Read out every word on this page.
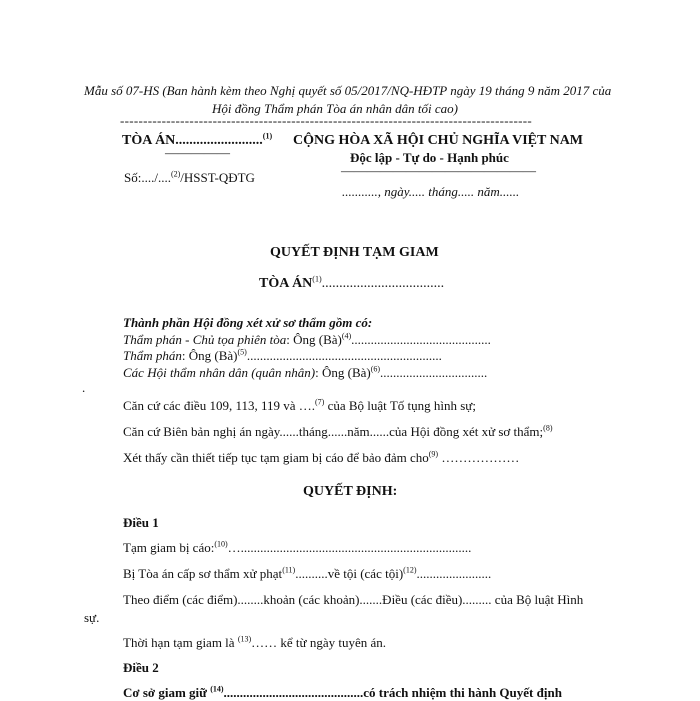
Mẫu số 07-HS (Ban hành kèm theo Nghị quyết số 05/2017/NQ-HĐTP ngày 19 tháng 9 năm 2017 của
Hội đồng Thẩm phán Tòa án nhân dân tối cao)
-----------------------------------------------------------------------------------------
TÒA ÁN.........................$^{(1)}$
—————
Số:..../....$^{(2)}$/HSST-QĐTG
CỘNG HÒA XÃ HỘI CHỦ NGHĨA VIỆT NAM
Độc lập - Tự do - Hạnh phúc
———————————————
..........., ngày..... tháng..... năm......
QUYẾT ĐỊNH TẠM GIAM
TÒA ÁN$^{(1)}$...................................
Thành phần Hội đồng xét xử sơ thẩm gồm có:
Thẩm phán - Chủ tọa phiên tòa: Ông (Bà)$^{(4)}$...........................................
Thẩm phán: Ông (Bà)$^{(5)}$............................................................
Các Hội thẩm nhân dân (quân nhân): Ông (Bà)$^{(6)}$.................................
.
Căn cứ các điều 109, 113, 119 và ….$^{(7)}$ của Bộ luật Tố tụng hình sự;
Căn cứ Biên bản nghị án ngày......tháng......năm......của Hội đồng xét xử sơ thẩm;$^{(8)}$
Xét thấy cần thiết tiếp tục tạm giam bị cáo để bảo đảm cho$^{(9)}$ ………………
QUYẾT ĐỊNH:
Điều 1
Tạm giam bị cáo:$^{(10)}$….......................................................................
Bị Tòa án cấp sơ thẩm xử phạt$^{(11)}$..........về tội (các tội)$^{(12)}$.......................
Theo điểm (các điểm)........khoản (các khoản).......Điều (các điều)......... của Bộ luật Hình
sự.
Thời hạn tạm giam là $^{(13)}$…… kể từ ngày tuyên án.
Điều 2
Cơ sở giam giữ $^{(14)}$...........................................có trách nhiệm thi hành Quyết định
